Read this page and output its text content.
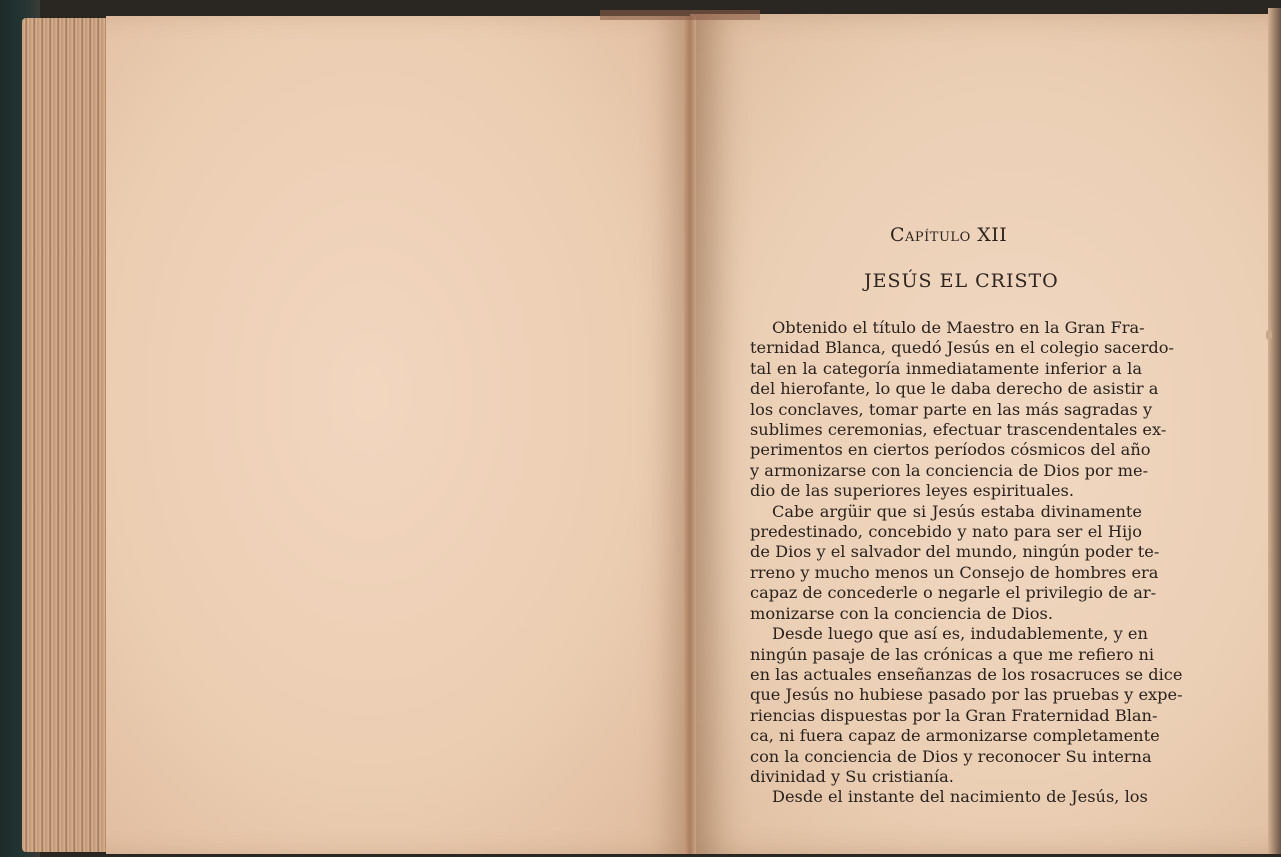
Capítulo XII
JESÚS EL CRISTO
Obtenido el título de Maestro en la Gran Fra-
ternidad Blanca, quedó Jesús en el colegio sacerdo-
tal en la categoría inmediatamente inferior a la
del hierofante, lo que le daba derecho de asistir a
los conclaves, tomar parte en las más sagradas y
sublimes ceremonias, efectuar trascendentales ex-
perimentos en ciertos períodos cósmicos del año
y armonizarse con la conciencia de Dios por me-
dio de las superiores leyes espirituales.
Cabe argüir que si Jesús estaba divinamente
predestinado, concebido y nato para ser el Hijo
de Dios y el salvador del mundo, ningún poder te-
rreno y mucho menos un Consejo de hombres era
capaz de concederle o negarle el privilegio de ar-
monizarse con la conciencia de Dios.
Desde luego que así es, indudablemente, y en
ningún pasaje de las crónicas a que me refiero ni
en las actuales enseñanzas de los rosacruces se dice
que Jesús no hubiese pasado por las pruebas y expe-
riencias dispuestas por la Gran Fraternidad Blan-
ca, ni fuera capaz de armonizarse completamente
con la conciencia de Dios y reconocer Su interna
divinidad y Su cristianía.
Desde el instante del nacimiento de Jesús, los
